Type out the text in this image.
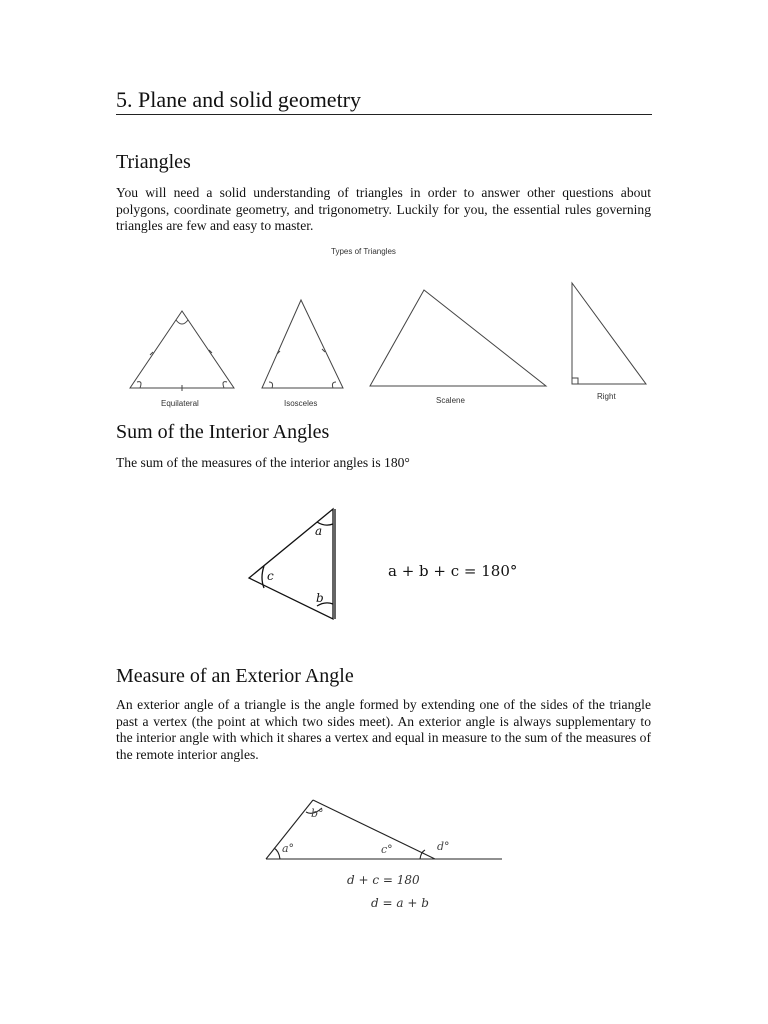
5. Plane and solid geometry
Triangles
You will need a solid understanding of triangles in order to answer other questions about polygons, coordinate geometry, and trigonometry. Luckily for you, the essential rules governing triangles are few and easy to master.
Types of Triangles
Equilateral	Isosceles	Scalene	Right
Sum of the Interior Angles
The sum of the measures of the interior angles is 180°
a
b
c	a + b + c = 180°
Measure of an Exterior Angle
An exterior angle of a triangle is the angle formed by extending one of the sides of the triangle past a vertex (the point at which two sides meet). An exterior angle is always supplementary to the interior angle with which it shares a vertex and equal in measure to the sum of the measures of the remote interior angles.
a°
b°
c°	d°
d + c = 180
d = a + b
